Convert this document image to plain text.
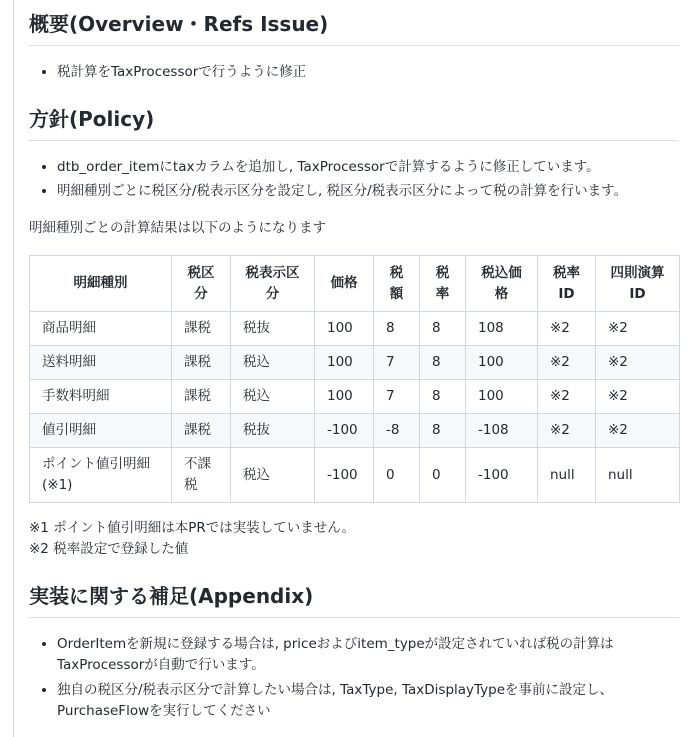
概要(Overview・Refs Issue)
• 税計算をTaxProcessorで行うように修正
方針(Policy)
• dtb_order_itemにtaxカラムを追加し, TaxProcessorで計算するように修正しています。
• 明細種別ごとに税区分/税表示区分を設定し, 税区分/税表示区分によって税の計算を行います。

明細種別ごとの計算結果は以下のようになります

明細種別	税区分	税表示区分	価格	税額	税率	税込価格	税率ID	四則演算ID
商品明細	課税	税抜	100	8	8	108	※2	※2
送料明細	課税	税込	100	7	8	100	※2	※2
手数料明細	課税	税込	100	7	8	100	※2	※2
値引明細	課税	税抜	-100	-8	8	-108	※2	※2
ポイント値引明細(※1)	不課税	税込	-100	0	0	-100	null	null

※1 ポイント値引明細は本PRでは実装していません。

※2 税率設定で登録した値

実装に関する補足(Appendix)
• OrderItemを新規に登録する場合は, priceおよびitem_typeが設定されていれば税の計算は TaxProcessorが自動で行います。
• 独自の税区分/税表示区分で計算したい場合は, TaxType, TaxDisplayTypeを事前に設定し、PurchaseFlowを実行してください
